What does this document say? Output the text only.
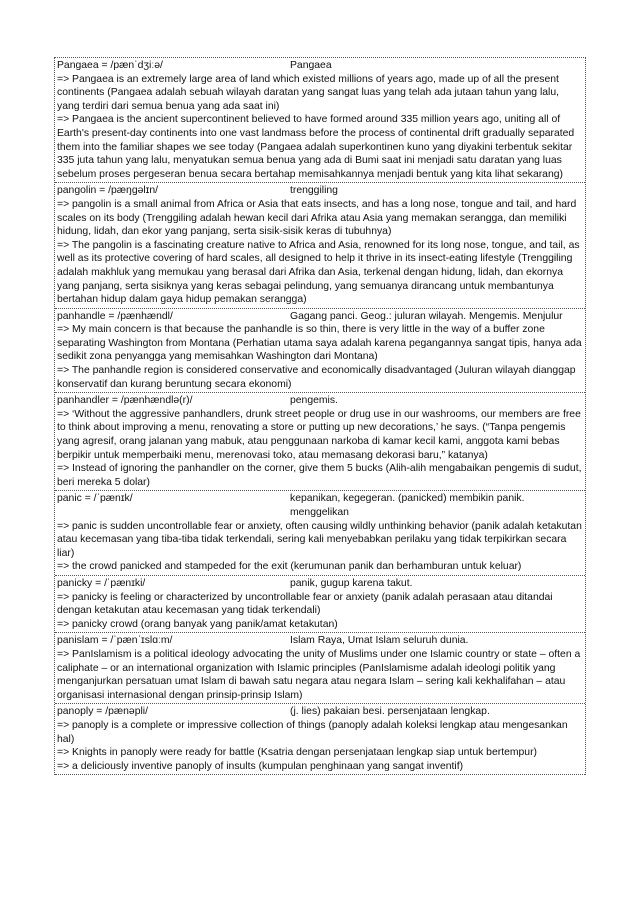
Pangaea = /pænˈdʒiːə/	Pangaea
=> Pangaea is an extremely large area of land which existed millions of years ago, made up of all the present continents (Pangaea adalah sebuah wilayah daratan yang sangat luas yang telah ada jutaan tahun yang lalu, yang terdiri dari semua benua yang ada saat ini)
=> Pangaea is the ancient supercontinent believed to have formed around 335 million years ago, uniting all of Earth's present-day continents into one vast landmass before the process of continental drift gradually separated them into the familiar shapes we see today (Pangaea adalah superkontinen kuno yang diyakini terbentuk sekitar 335 juta tahun yang lalu, menyatukan semua benua yang ada di Bumi saat ini menjadi satu daratan yang luas sebelum proses pergeseran benua secara bertahap memisahkannya menjadi bentuk yang kita lihat sekarang)
pangolin = /pæŋɡəlɪn/	trenggiling
=> pangolin is a small animal from Africa or Asia that eats insects, and has a long nose, tongue and tail, and hard scales on its body (Trenggiling adalah hewan kecil dari Afrika atau Asia yang memakan serangga, dan memiliki hidung, lidah, dan ekor yang panjang, serta sisik-sisik keras di tubuhnya)
=> The pangolin is a fascinating creature native to Africa and Asia, renowned for its long nose, tongue, and tail, as well as its protective covering of hard scales, all designed to help it thrive in its insect-eating lifestyle (Trenggiling adalah makhluk yang memukau yang berasal dari Afrika dan Asia, terkenal dengan hidung, lidah, dan ekornya yang panjang, serta sisiknya yang keras sebagai pelindung, yang semuanya dirancang untuk membantunya bertahan hidup dalam gaya hidup pemakan serangga)
panhandle = /pænhændl/	Gagang panci. Geog.: juluran wilayah. Mengemis. Menjulur
=> My main concern is that because the panhandle is so thin, there is very little in the way of a buffer zone separating Washington from Montana (Perhatian utama saya adalah karena pegangannya sangat tipis, hanya ada sedikit zona penyangga yang memisahkan Washington dari Montana)
=> The panhandle region is considered conservative and economically disadvantaged (Juluran wilayah dianggap konservatif dan kurang beruntung secara ekonomi)
panhandler = /pænhændlə(r)/	pengemis.
=> ‘Without the aggressive panhandlers, drunk street people or drug use in our washrooms, our members are free to think about improving a menu, renovating a store or putting up new decorations,’ he says. (“Tanpa pengemis yang agresif, orang jalanan yang mabuk, atau penggunaan narkoba di kamar kecil kami, anggota kami bebas berpikir untuk memperbaiki menu, merenovasi toko, atau memasang dekorasi baru,” katanya)
=> Instead of ignoring the panhandler on the corner, give them 5 bucks (Alih-alih mengabaikan pengemis di sudut, beri mereka 5 dolar)
panic = /ˈpænɪk/	kepanikan, kegegeran. (panicked) membikin panik. menggelikan
=> panic is sudden uncontrollable fear or anxiety, often causing wildly unthinking behavior (panik adalah ketakutan atau kecemasan yang tiba-tiba tidak terkendali, sering kali menyebabkan perilaku yang tidak terpikirkan secara liar)
=> the crowd panicked and stampeded for the exit (kerumunan panik dan berhamburan untuk keluar)
panicky = /ˈpænɪki/	panik, gugup karena takut.
=> panicky is feeling or characterized by uncontrollable fear or anxiety (panik adalah perasaan atau ditandai dengan ketakutan atau kecemasan yang tidak terkendali)
=> panicky crowd (orang banyak yang panik/amat ketakutan)
panislam = /ˈpænˈɪslɑːm/	Islam Raya, Umat Islam seluruh dunia.
=> PanIslamism is a political ideology advocating the unity of Muslims under one Islamic country or state – often a caliphate – or an international organization with Islamic principles (PanIslamisme adalah ideologi politik yang menganjurkan persatuan umat Islam di bawah satu negara atau negara Islam – sering kali kekhalifahan – atau organisasi internasional dengan prinsip-prinsip Islam)
panoply = /pænəpli/	(j. lies) pakaian besi. persenjataan lengkap.
=> panoply is a complete or impressive collection of things (panoply adalah koleksi lengkap atau mengesankan hal)
=> Knights in panoply were ready for battle (Ksatria dengan persenjataan lengkap siap untuk bertempur)
=> a deliciously inventive panoply of insults (kumpulan penghinaan yang sangat inventif)
